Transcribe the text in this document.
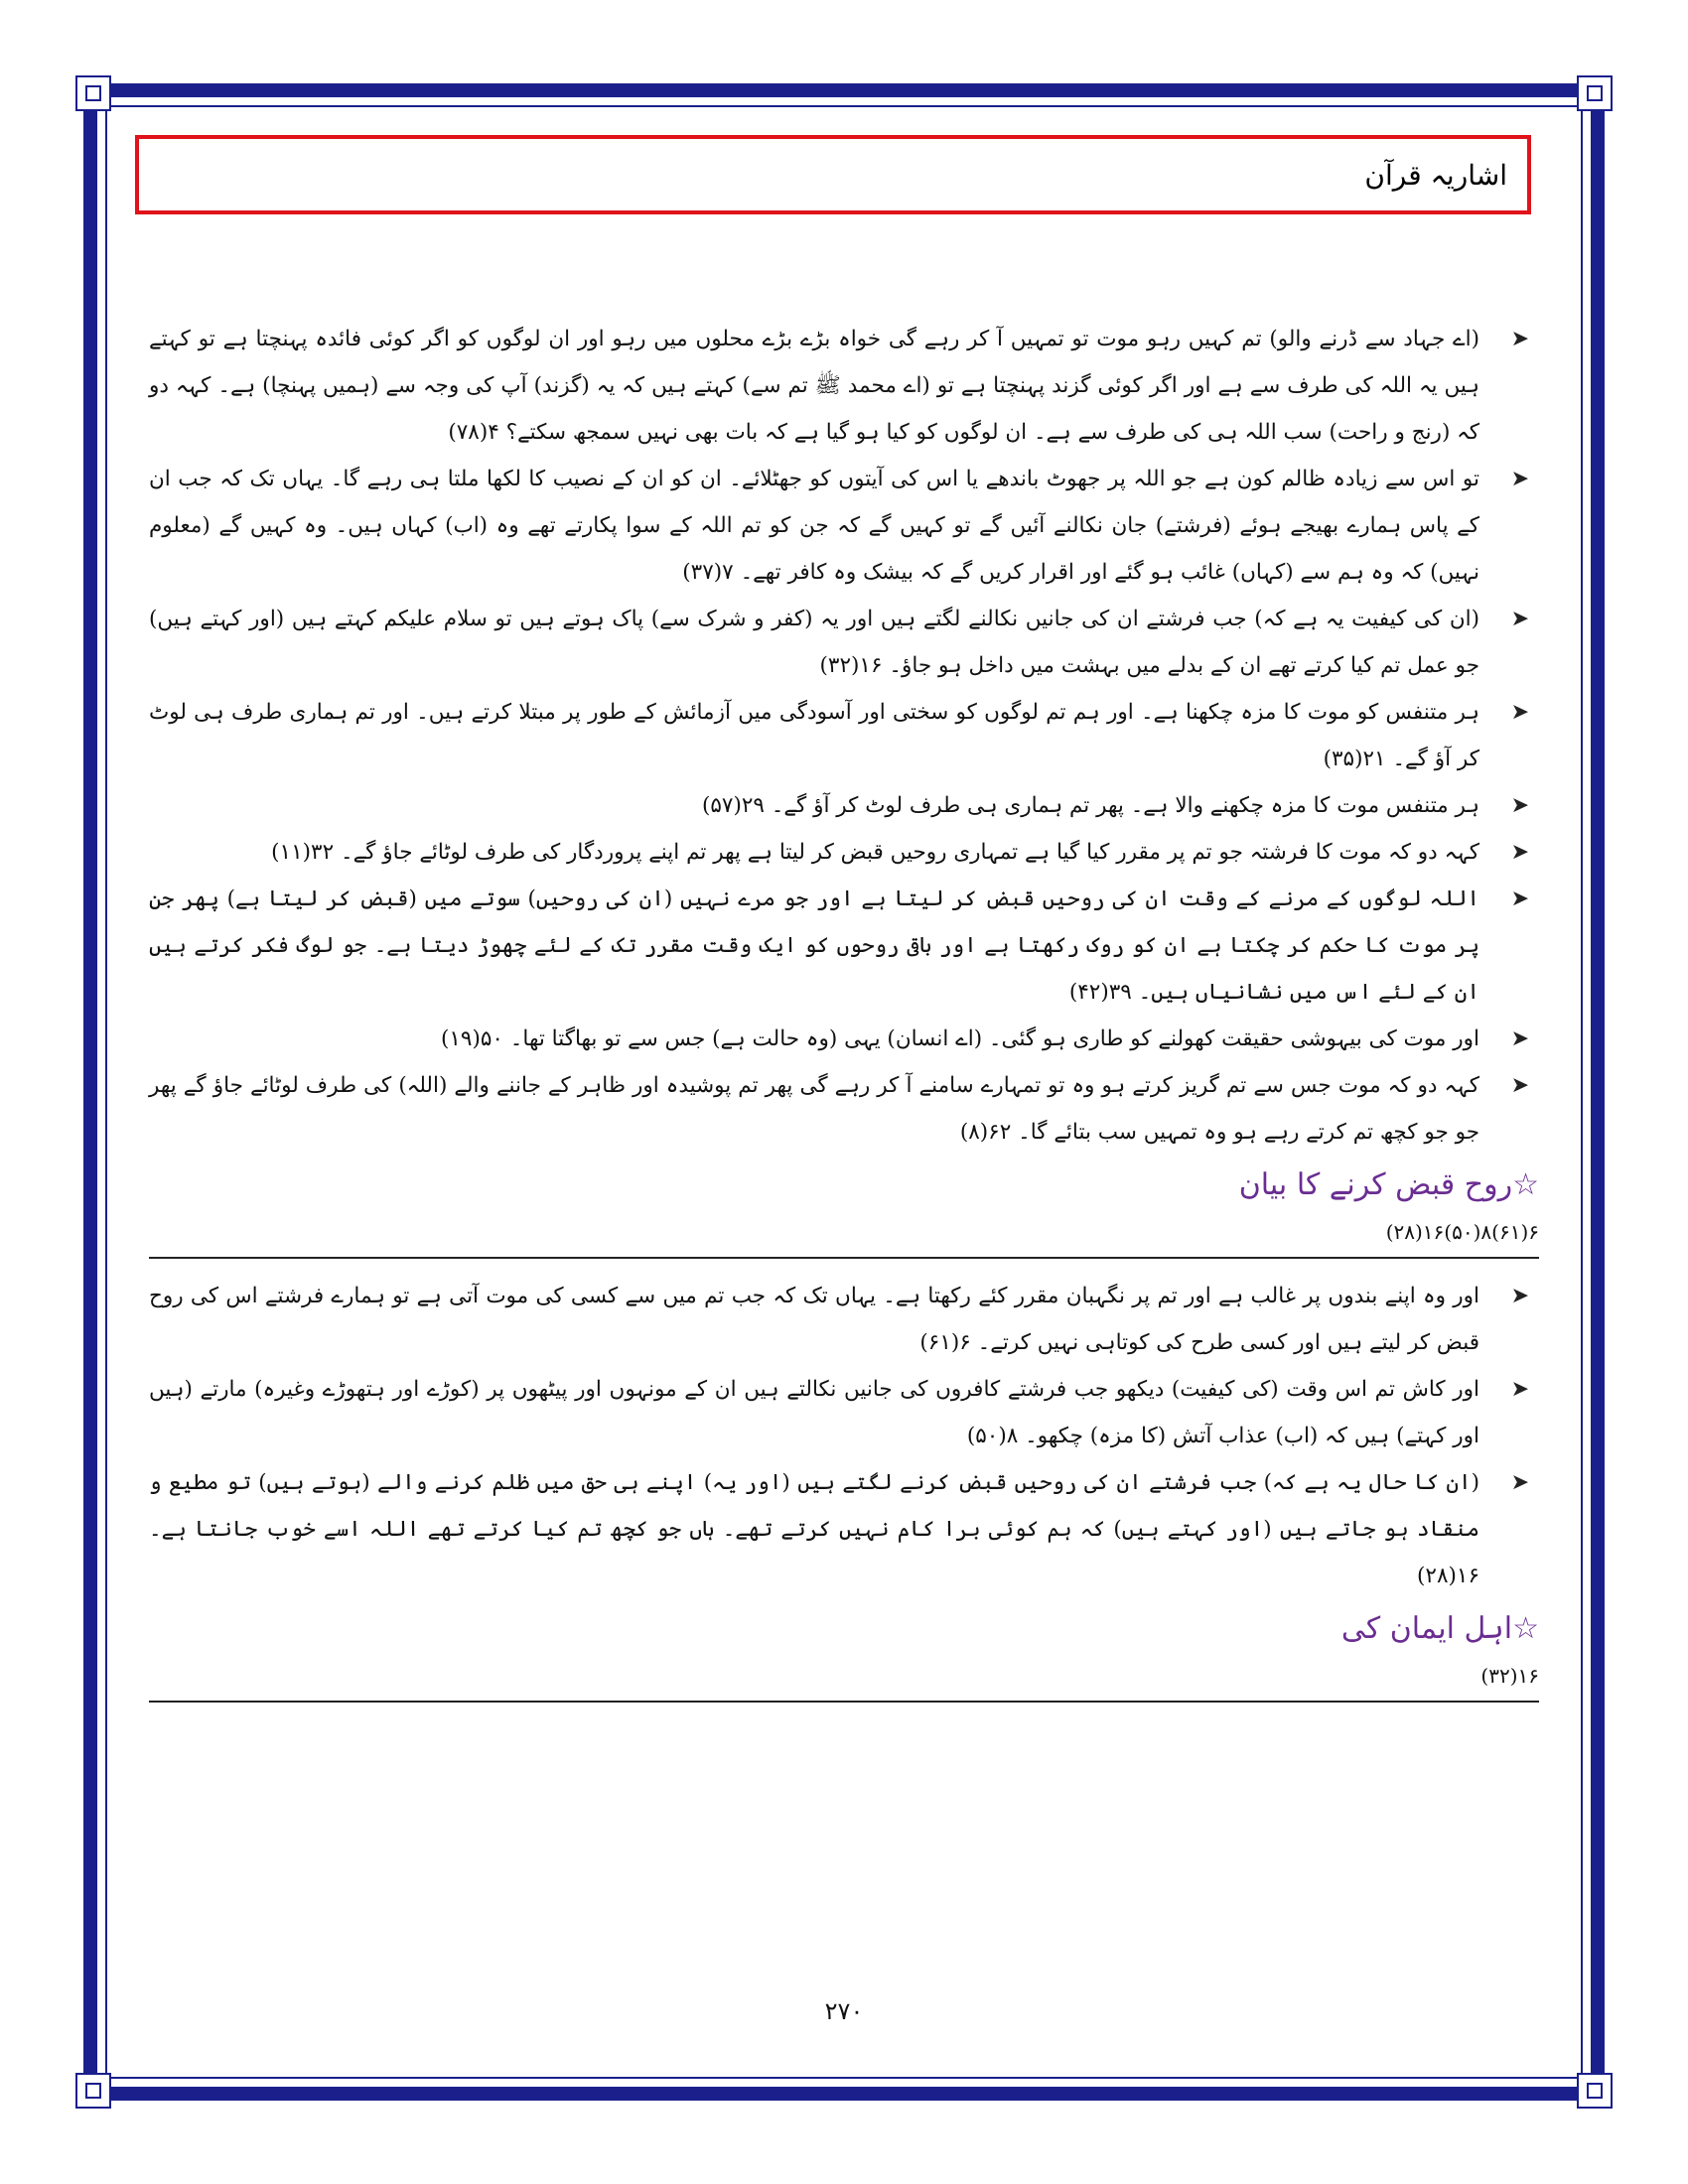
اشاریہ قرآن
➤
(اے جہاد سے ڈرنے والو) تم کہیں رہو موت تو تمہیں آ کر رہے گی خواہ بڑے بڑے محلوں میں رہو اور ان لوگوں کو اگر کوئی فائدہ پہنچتا ہے تو کہتے ہیں یہ اللہ کی طرف سے ہے اور اگر کوئی گزند پہنچتا ہے تو (اے محمد ﷺ تم سے) کہتے ہیں کہ یہ (گزند) آپ کی وجہ سے (ہمیں پہنچا) ہے۔ کہہ دو کہ (رنج و راحت) سب اللہ ہی کی طرف سے ہے۔ ان لوگوں کو کیا ہو گیا ہے کہ بات بھی نہیں سمجھ سکتے؟ ۴(۷۸)
➤
تو اس سے زیادہ ظالم کون ہے جو اللہ پر جھوٹ باندھے یا اس کی آیتوں کو جھٹلائے۔ ان کو ان کے نصیب کا لکھا ملتا ہی رہے گا۔ یہاں تک کہ جب ان کے پاس ہمارے بھیجے ہوئے (فرشتے) جان نکالنے آئیں گے تو کہیں گے کہ جن کو تم اللہ کے سوا پکارتے تھے وہ (اب) کہاں ہیں۔ وہ کہیں گے (معلوم نہیں) کہ وہ ہم سے (کہاں) غائب ہو گئے اور اقرار کریں گے کہ بیشک وہ کافر تھے۔ ۷(۳۷)
➤
(ان کی کیفیت یہ ہے کہ) جب فرشتے ان کی جانیں نکالنے لگتے ہیں اور یہ (کفر و شرک سے) پاک ہوتے ہیں تو سلام علیکم کہتے ہیں (اور کہتے ہیں) جو عمل تم کیا کرتے تھے ان کے بدلے میں بہشت میں داخل ہو جاؤ۔ ۱۶(۳۲)
➤
ہر متنفس کو موت کا مزہ چکھنا ہے۔ اور ہم تم لوگوں کو سختی اور آسودگی میں آزمائش کے طور پر مبتلا کرتے ہیں۔ اور تم ہماری طرف ہی لوٹ کر آؤ گے۔ ۲۱(۳۵)
➤
ہر متنفس موت کا مزہ چکھنے والا ہے۔ پھر تم ہماری ہی طرف لوٹ کر آؤ گے۔ ۲۹(۵۷)
➤
کہہ دو کہ موت کا فرشتہ جو تم پر مقرر کیا گیا ہے تمہاری روحیں قبض کر لیتا ہے پھر تم اپنے پروردگار کی طرف لوٹائے جاؤ گے۔ ۳۲(۱۱)
➤
اللہ لوگوں کے مرنے کے وقت ان کی روحیں قبض کر لیتا ہے اور جو مرے نہیں (ان کی روحیں) سوتے میں (قبض کر لیتا ہے) پھر جن پر موت کا حکم کر چکتا ہے ان کو روک رکھتا ہے اور باقی روحوں کو ایک وقت مقرر تک کے لئے چھوڑ دیتا ہے۔ جو لوگ فکر کرتے ہیں ان کے لئے اس میں نشانیاں ہیں۔ ۳۹(۴۲)
➤
اور موت کی بیہوشی حقیقت کھولنے کو طاری ہو گئی۔ (اے انسان) یہی (وہ حالت ہے) جس سے تو بھاگتا تھا۔ ۵۰(۱۹)
➤
کہہ دو کہ موت جس سے تم گریز کرتے ہو وہ تو تمہارے سامنے آ کر رہے گی پھر تم پوشیدہ اور ظاہر کے جاننے والے (اللہ) کی طرف لوٹائے جاؤ گے پھر جو جو کچھ تم کرتے رہے ہو وہ تمہیں سب بتائے گا۔ ۶۲(۸)
☆روح قبض کرنے کا بیان
۶(۶۱)۸(۵۰)۱۶(۲۸)
➤
اور وہ اپنے بندوں پر غالب ہے اور تم پر نگہبان مقرر کئے رکھتا ہے۔ یہاں تک کہ جب تم میں سے کسی کی موت آتی ہے تو ہمارے فرشتے اس کی روح قبض کر لیتے ہیں اور کسی طرح کی کوتاہی نہیں کرتے۔ ۶(۶۱)
➤
اور کاش تم اس وقت (کی کیفیت) دیکھو جب فرشتے کافروں کی جانیں نکالتے ہیں ان کے مونہوں اور پیٹھوں پر (کوڑے اور ہتھوڑے وغیرہ) مارتے (ہیں اور کہتے) ہیں کہ (اب) عذاب آتش (کا مزہ) چکھو۔ ۸(۵۰)
➤
(ان کا حال یہ ہے کہ) جب فرشتے ان کی روحیں قبض کرنے لگتے ہیں (اور یہ) اپنے ہی حق میں ظلم کرنے والے (ہوتے ہیں) تو مطیع و منقاد ہو جاتے ہیں (اور کہتے ہیں) کہ ہم کوئی برا کام نہیں کرتے تھے۔ ہاں جو کچھ تم کیا کرتے تھے اللہ اسے خوب جانتا ہے۔ ۱۶(۲۸)
☆اہل ایمان کی
۱۶(۳۲)
۲۷۰
